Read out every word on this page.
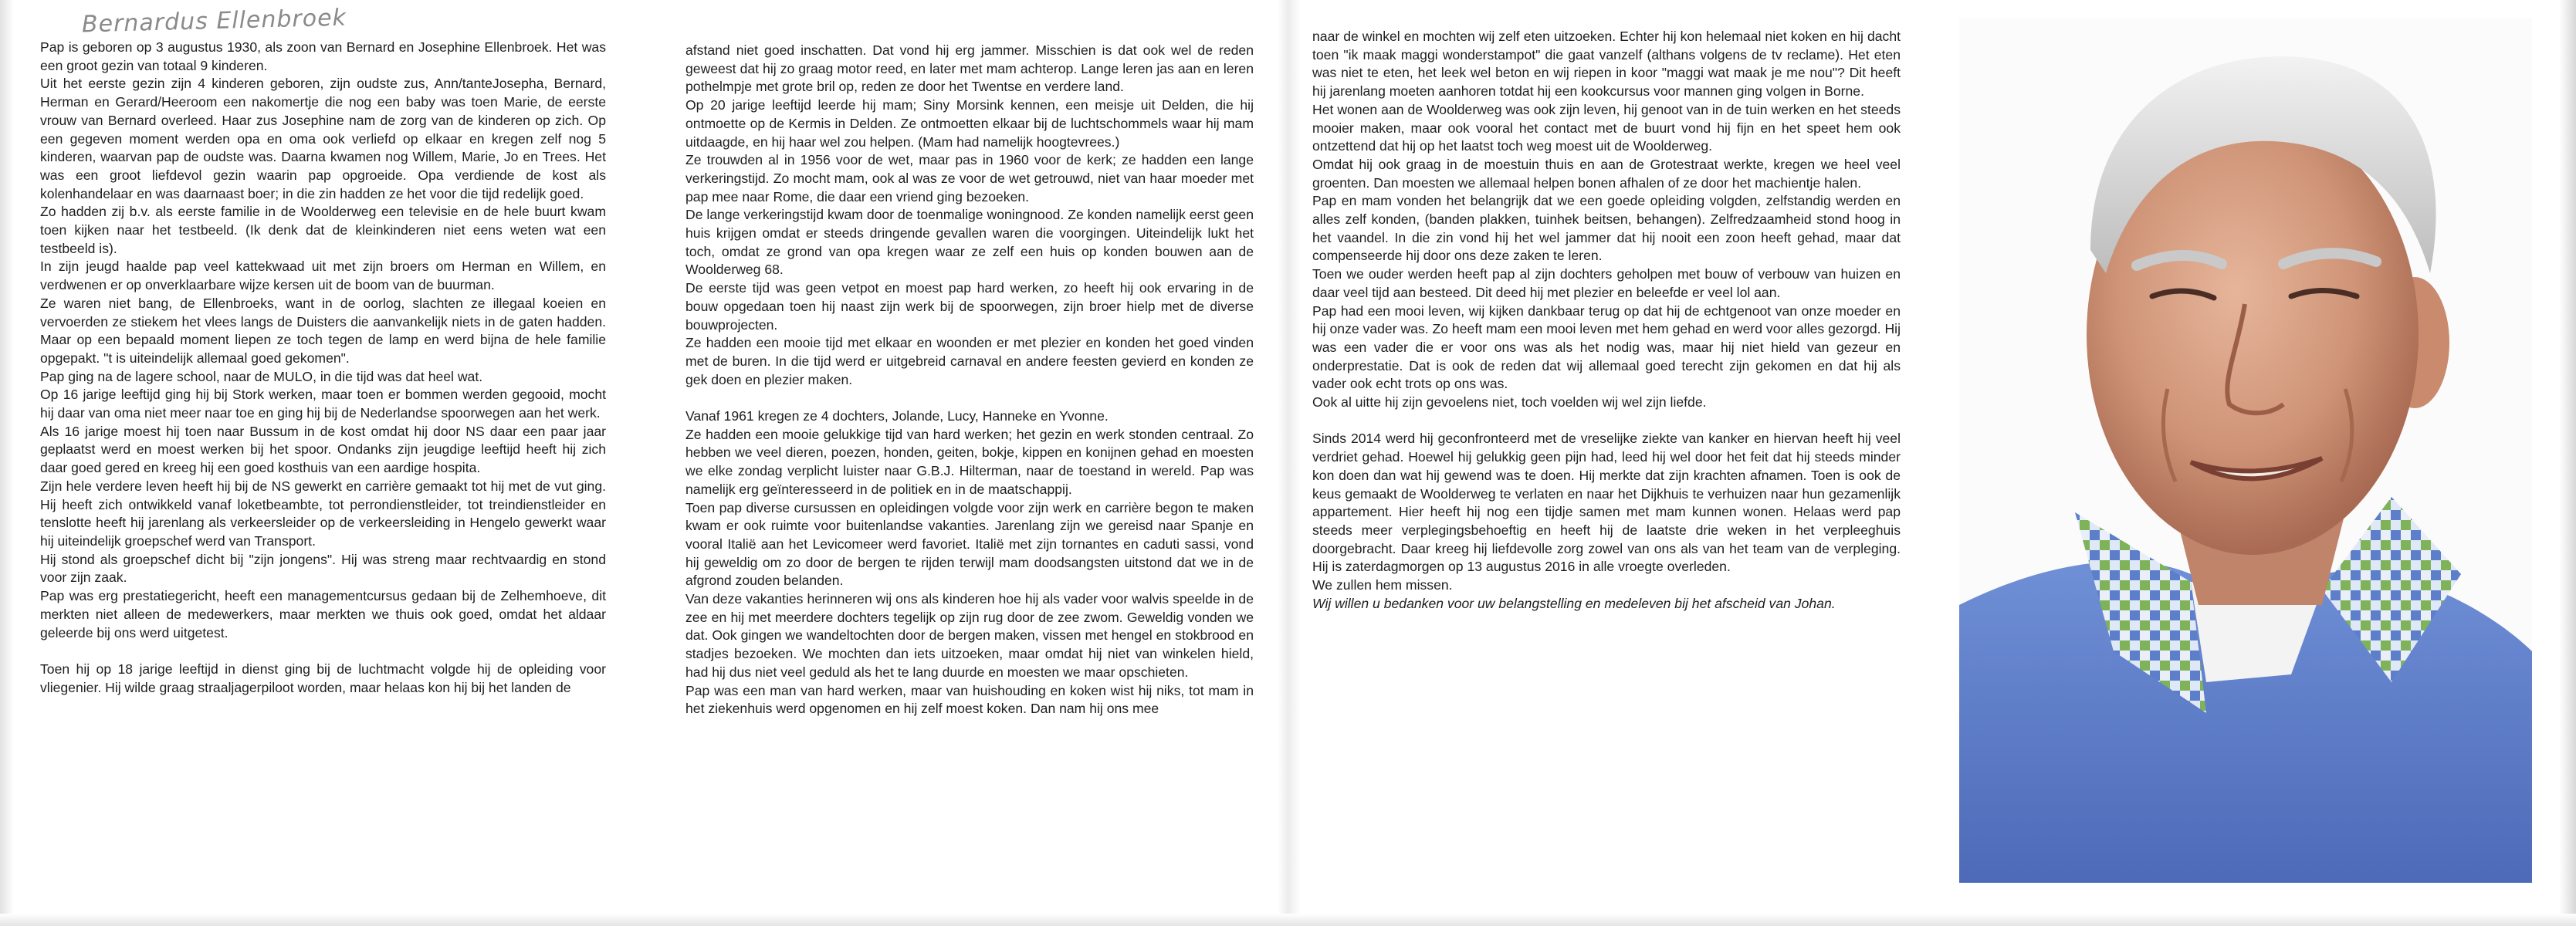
Bernardus Ellenbroek

Pap is geboren op 3 augustus 1930, als zoon van Bernard en Josephine Ellenbroek. Het was een groot gezin van totaal 9 kinderen.

Uit het eerste gezin zijn 4 kinderen geboren, zijn oudste zus, Ann/tanteJosepha, Bernard, Herman en Gerard/Heeroom een nakomertje die nog een baby was toen Marie, de eerste vrouw van Bernard overleed. Haar zus Josephine nam de zorg van de kinderen op zich. Op een gegeven moment werden opa en oma ook verliefd op elkaar en kregen zelf nog 5 kinderen, waarvan pap de oudste was. Daarna kwamen nog Willem, Marie, Jo en Trees. Het was een groot liefdevol gezin waarin pap opgroeide. Opa verdiende de kost als kolenhandelaar en was daarnaast boer; in die zin hadden ze het voor die tijd redelijk goed.

Zo hadden zij b.v. als eerste familie in de Woolderweg een televisie en de hele buurt kwam toen kijken naar het testbeeld. (Ik denk dat de kleinkinderen niet eens weten wat een testbeeld is).

In zijn jeugd haalde pap veel kattekwaad uit met zijn broers om Herman en Willem, en verdwenen er op onverklaarbare wijze kersen uit de boom van de buurman.

Ze waren niet bang, de Ellenbroeks, want in de oorlog, slachten ze illegaal koeien en vervoerden ze stiekem het vlees langs de Duisters die aanvankelijk niets in de gaten hadden. Maar op een bepaald moment liepen ze toch tegen de lamp en werd bijna de hele familie opgepakt. "t is uiteindelijk allemaal goed gekomen".

Pap ging na de lagere school, naar de MULO, in die tijd was dat heel wat.

Op 16 jarige leeftijd ging hij bij Stork werken, maar toen er bommen werden gegooid, mocht hij daar van oma niet meer naar toe en ging hij bij de Nederlandse spoorwegen aan het werk.

Als 16 jarige moest hij toen naar Bussum in de kost omdat hij door NS daar een paar jaar geplaatst werd en moest werken bij het spoor. Ondanks zijn jeugdige leeftijd heeft hij zich daar goed gered en kreeg hij een goed kosthuis van een aardige hospita.

Zijn hele verdere leven heeft hij bij de NS gewerkt en carrière gemaakt tot hij met de vut ging. Hij heeft zich ontwikkeld vanaf loketbeambte, tot perrondienstleider, tot treindienstleider en tenslotte heeft hij jarenlang als verkeersleider op de verkeersleiding in Hengelo gewerkt waar hij uiteindelijk groepschef werd van Transport.

Hij stond als groepschef dicht bij "zijn jongens". Hij was streng maar rechtvaardig en stond voor zijn zaak.

Pap was erg prestatiegericht, heeft een managementcursus gedaan bij de Zelhemhoeve, dit merkten niet alleen de medewerkers, maar merkten we thuis ook goed, omdat het aldaar geleerde bij ons werd uitgetest.

Toen hij op 18 jarige leeftijd in dienst ging bij de luchtmacht volgde hij de opleiding voor vliegenier. Hij wilde graag straaljagerpiloot worden, maar helaas kon hij bij het landen de

afstand niet goed inschatten. Dat vond hij erg jammer. Misschien is dat ook wel de reden geweest dat hij zo graag motor reed, en later met mam achterop. Lange leren jas aan en leren pothelmpje met grote bril op, reden ze door het Twentse en verdere land.

Op 20 jarige leeftijd leerde hij mam; Siny Morsink kennen, een meisje uit Delden, die hij ontmoette op de Kermis in Delden. Ze ontmoetten elkaar bij de luchtschommels waar hij mam uitdaagde, en hij haar wel zou helpen. (Mam had namelijk hoogtevrees.)

Ze trouwden al in 1956 voor de wet, maar pas in 1960 voor de kerk; ze hadden een lange verkeringstijd. Zo mocht mam, ook al was ze voor de wet getrouwd, niet van haar moeder met pap mee naar Rome, die daar een vriend ging bezoeken.

De lange verkeringstijd kwam door de toenmalige woningnood. Ze konden namelijk eerst geen huis krijgen omdat er steeds dringende gevallen waren die voorgingen. Uiteindelijk lukt het toch, omdat ze grond van opa kregen waar ze zelf een huis op konden bouwen aan de Woolderweg 68.

De eerste tijd was geen vetpot en moest pap hard werken, zo heeft hij ook ervaring in de bouw opgedaan toen hij naast zijn werk bij de spoorwegen, zijn broer hielp met de diverse bouwprojecten.

Ze hadden een mooie tijd met elkaar en woonden er met plezier en konden het goed vinden met de buren. In die tijd werd er uitgebreid carnaval en andere feesten gevierd en konden ze gek doen en plezier maken.

Vanaf 1961 kregen ze 4 dochters, Jolande, Lucy, Hanneke en Yvonne.

Ze hadden een mooie gelukkige tijd van hard werken; het gezin en werk stonden centraal. Zo hebben we veel dieren, poezen, honden, geiten, bokje, kippen en konijnen gehad en moesten we elke zondag verplicht luister naar G.B.J. Hilterman, naar de toestand in wereld. Pap was namelijk erg geïnteresseerd in de politiek en in de maatschappij.

Toen pap diverse cursussen en opleidingen volgde voor zijn werk en carrière begon te maken kwam er ook ruimte voor buitenlandse vakanties. Jarenlang zijn we gereisd naar Spanje en vooral Italië aan het Levicomeer werd favoriet. Italië met zijn tornantes en caduti sassi, vond hij geweldig om zo door de bergen te rijden terwijl mam doodsangsten uitstond dat we in de afgrond zouden belanden.

Van deze vakanties herinneren wij ons als kinderen hoe hij als vader voor walvis speelde in de zee en hij met meerdere dochters tegelijk op zijn rug door de zee zwom. Geweldig vonden we dat. Ook gingen we wandeltochten door de bergen maken, vissen met hengel en stokbrood en stadjes bezoeken. We mochten dan iets uitzoeken, maar omdat hij niet van winkelen hield, had hij dus niet veel geduld als het te lang duurde en moesten we maar opschieten.

Pap was een man van hard werken, maar van huishouding en koken wist hij niks, tot mam in het ziekenhuis werd opgenomen en hij zelf moest koken. Dan nam hij ons mee

naar de winkel en mochten wij zelf eten uitzoeken. Echter hij kon helemaal niet koken en hij dacht toen "ik maak maggi wonderstampot" die gaat vanzelf (althans volgens de tv reclame). Het eten was niet te eten, het leek wel beton en wij riepen in koor "maggi wat maak je me nou"? Dit heeft hij jarenlang moeten aanhoren totdat hij een kookcursus voor mannen ging volgen in Borne.

Het wonen aan de Woolderweg was ook zijn leven, hij genoot van in de tuin werken en het steeds mooier maken, maar ook vooral het contact met de buurt vond hij fijn en het speet hem ook ontzettend dat hij op het laatst toch weg moest uit de Woolderweg.

Omdat hij ook graag in de moestuin thuis en aan de Grotestraat werkte, kregen we heel veel groenten. Dan moesten we allemaal helpen bonen afhalen of ze door het machientje halen.

Pap en mam vonden het belangrijk dat we een goede opleiding volgden, zelfstandig werden en alles zelf konden, (banden plakken, tuinhek beitsen, behangen). Zelfredzaamheid stond hoog in het vaandel. In die zin vond hij het wel jammer dat hij nooit een zoon heeft gehad, maar dat compenseerde hij door ons deze zaken te leren.

Toen we ouder werden heeft pap al zijn dochters geholpen met bouw of verbouw van huizen en daar veel tijd aan besteed. Dit deed hij met plezier en beleefde er veel lol aan.

Pap had een mooi leven, wij kijken dankbaar terug op dat hij de echtgenoot van onze moeder en hij onze vader was. Zo heeft mam een mooi leven met hem gehad en werd voor alles gezorgd. Hij was een vader die er voor ons was als het nodig was, maar hij niet hield van gezeur en onderprestatie. Dat is ook de reden dat wij allemaal goed terecht zijn gekomen en dat hij als vader ook echt trots op ons was.

Ook al uitte hij zijn gevoelens niet, toch voelden wij wel zijn liefde.

Sinds 2014 werd hij geconfronteerd met de vreselijke ziekte van kanker en hiervan heeft hij veel verdriet gehad. Hoewel hij gelukkig geen pijn had, leed hij wel door het feit dat hij steeds minder kon doen dan wat hij gewend was te doen. Hij merkte dat zijn krachten afnamen. Toen is ook de keus gemaakt de Woolderweg te verlaten en naar het Dijkhuis te verhuizen naar hun gezamenlijk appartement. Hier heeft hij nog een tijdje samen met mam kunnen wonen. Helaas werd pap steeds meer verplegingsbehoeftig en heeft hij de laatste drie weken in het verpleeghuis doorgebracht. Daar kreeg hij liefdevolle zorg zowel van ons als van het team van de verpleging. Hij is zaterdagmorgen op 13 augustus 2016 in alle vroegte overleden.

We zullen hem missen.

Wij willen u bedanken voor uw belangstelling en medeleven bij het afscheid van Johan.
